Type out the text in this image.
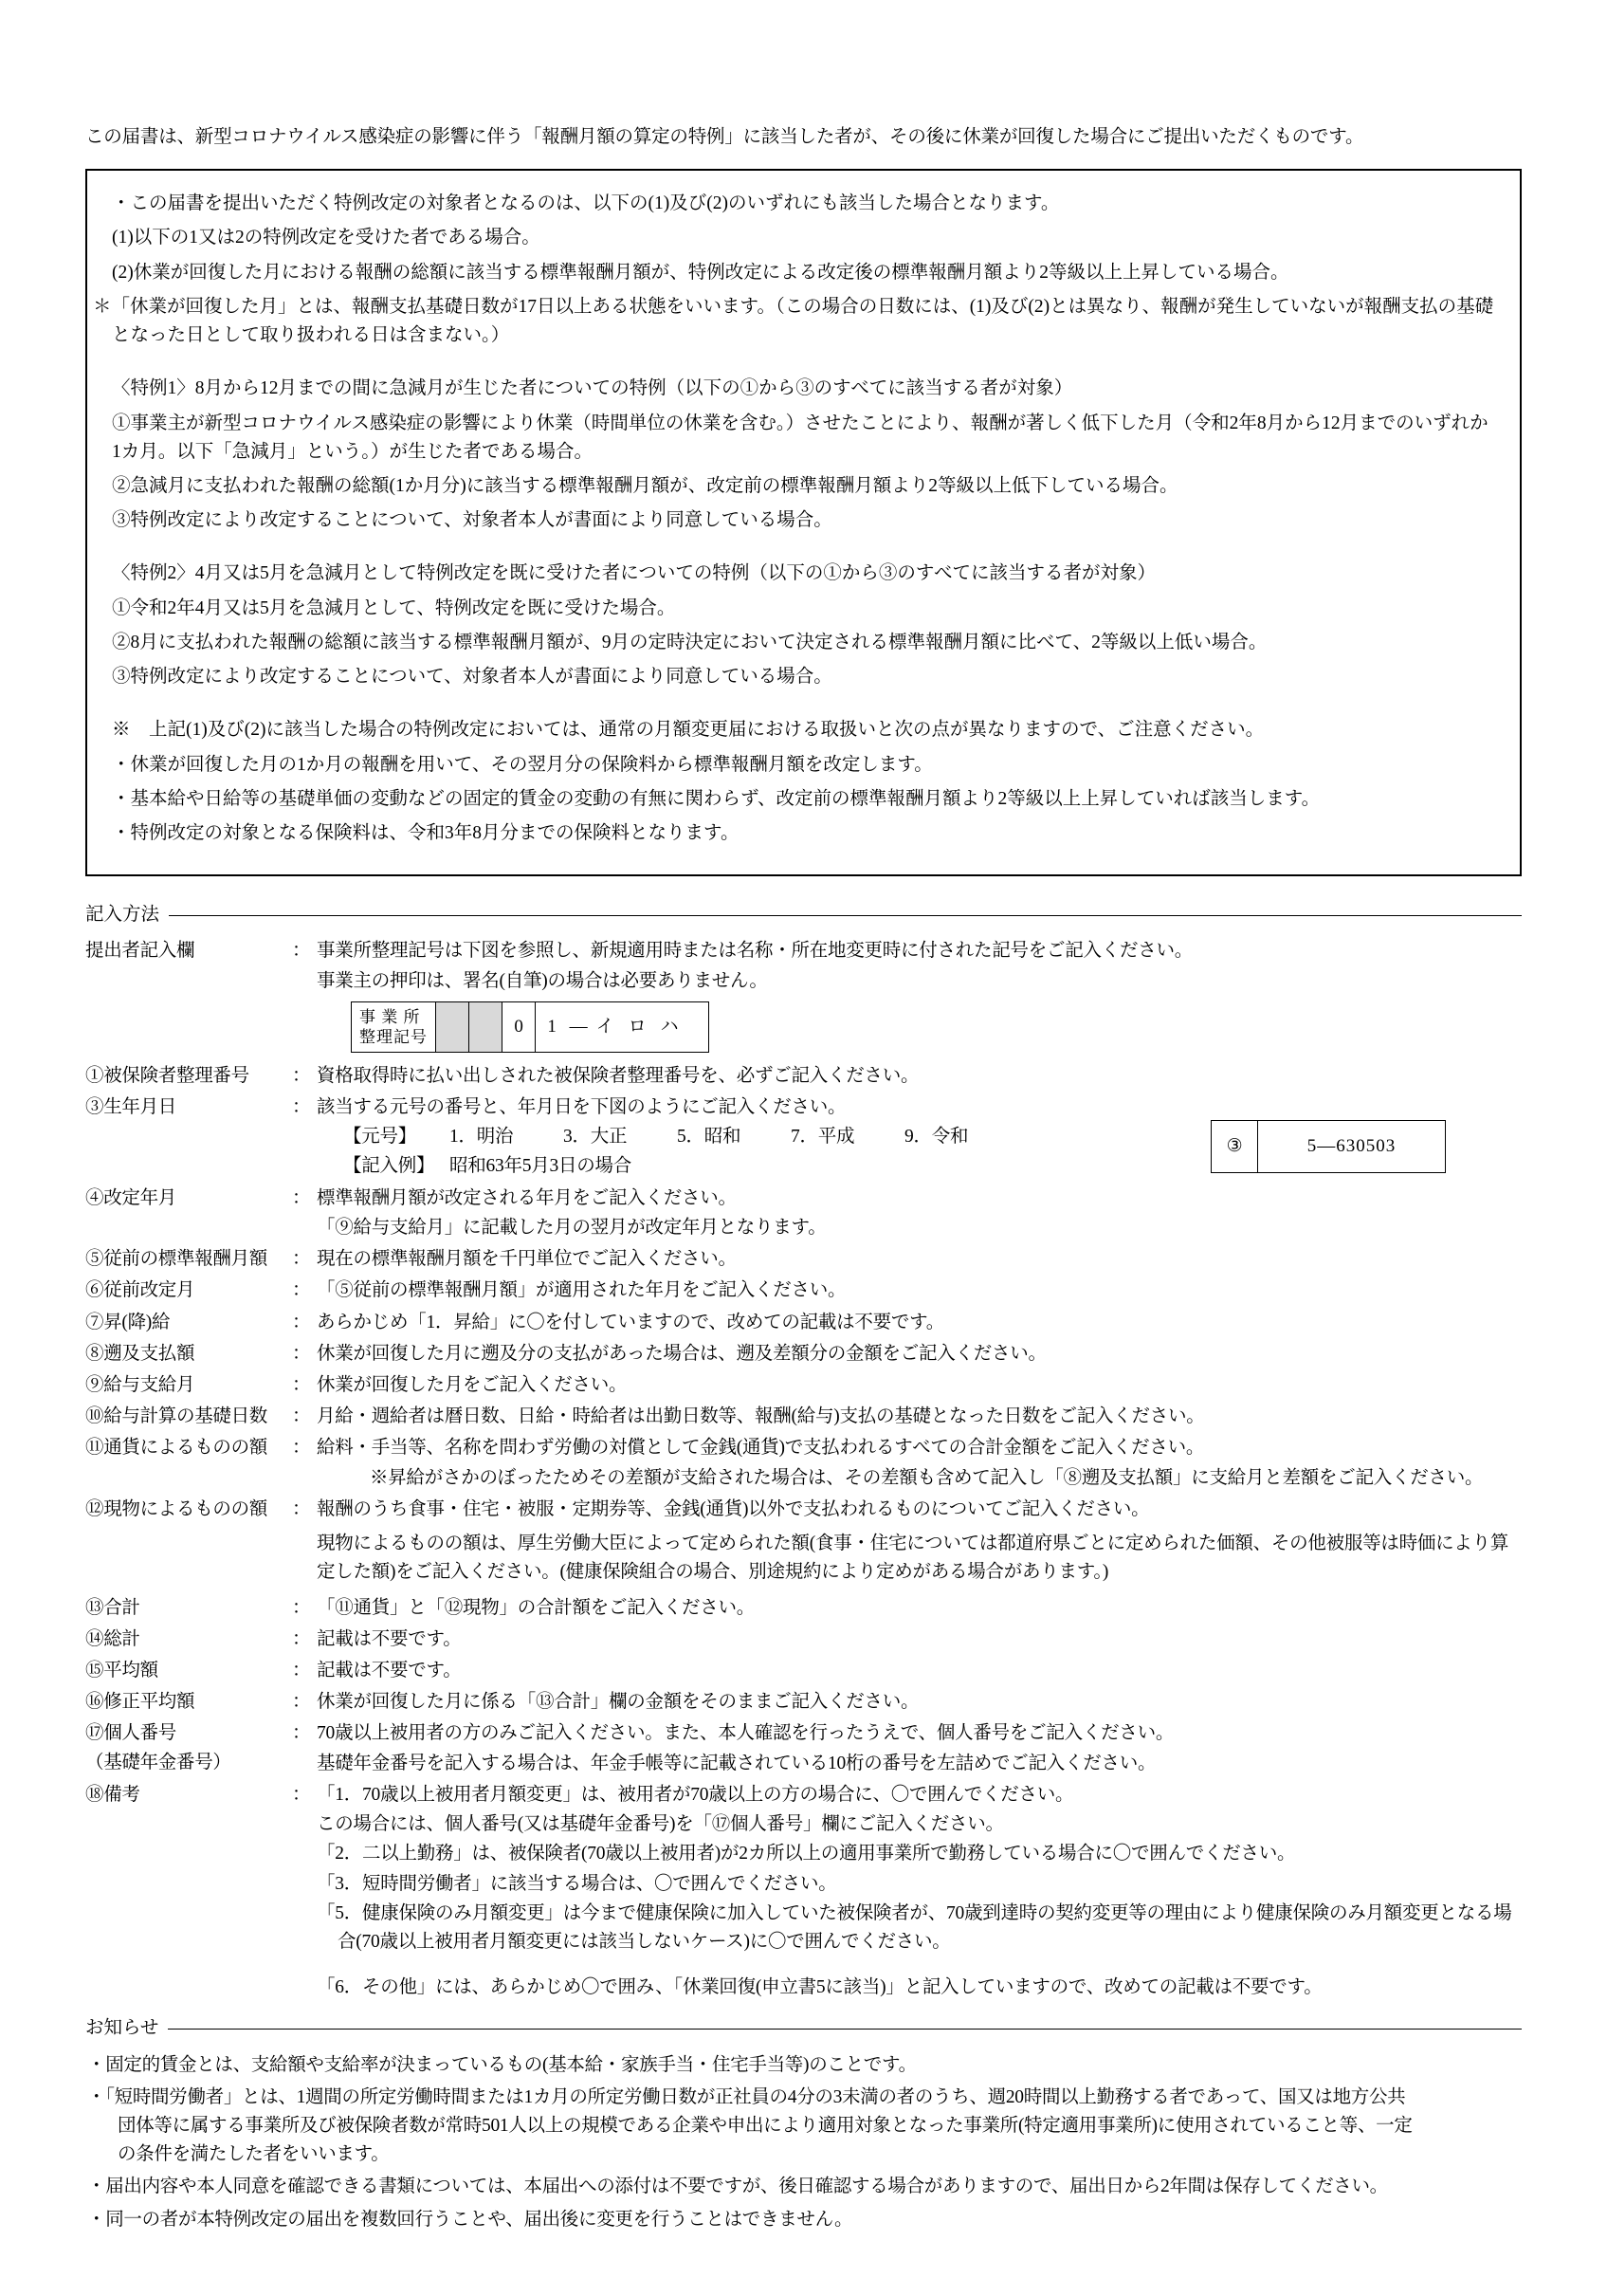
この届書は、新型コロナウイルス感染症の影響に伴う「報酬月額の算定の特例」に該当した者が、その後に休業が回復した場合にご提出いただくものです。

・この届書を提出いただく特例改定の対象者となるのは、以下の(1)及び(2)のいずれにも該当した場合となります。

(1)以下の1又は2の特例改定を受けた者である場合。

(2)休業が回復した月における報酬の総額に該当する標準報酬月額が、特例改定による改定後の標準報酬月額より2等級以上上昇している場合。

＊「休業が回復した月」とは、報酬支払基礎日数が17日以上ある状態をいいます。（この場合の日数には、(1)及び(2)とは異なり、報酬が発生していないが報酬支払の基礎となった日として取り扱われる日は含まない。）

〈特例1〉8月から12月までの間に急減月が生じた者についての特例（以下の①から③のすべてに該当する者が対象）

①事業主が新型コロナウイルス感染症の影響により休業（時間単位の休業を含む。）させたことにより、報酬が著しく低下した月（令和2年8月から12月までのいずれか1カ月。以下「急減月」という。）が生じた者である場合。

②急減月に支払われた報酬の総額(1か月分)に該当する標準報酬月額が、改定前の標準報酬月額より2等級以上低下している場合。

③特例改定により改定することについて、対象者本人が書面により同意している場合。

〈特例2〉4月又は5月を急減月として特例改定を既に受けた者についての特例（以下の①から③のすべてに該当する者が対象）

①令和2年4月又は5月を急減月として、特例改定を既に受けた場合。

②8月に支払われた報酬の総額に該当する標準報酬月額が、9月の定時決定において決定される標準報酬月額に比べて、2等級以上低い場合。

③特例改定により改定することについて、対象者本人が書面により同意している場合。

※　上記(1)及び(2)に該当した場合の特例改定においては、通常の月額変更届における取扱いと次の点が異なりますので、ご注意ください。

・休業が回復した月の1か月の報酬を用いて、その翌月分の保険料から標準報酬月額を改定します。

・基本給や日給等の基礎単価の変動などの固定的賃金の変動の有無に関わらず、改定前の標準報酬月額より2等級以上上昇していれば該当します。

・特例改定の対象となる保険料は、令和3年8月分までの保険料となります。

記入方法
提出者記入欄	： 事業所整理記号は下図を参照し、新規適用時または名称・所在地変更時に付された記号をご記入ください。

事業主の押印は、署名(自筆)の場合は必要ありません。

事 業 所
整理記号
0	1 — イ ロ ハ
①被保険者整理番号	： 資格取得時に払い出しされた被保険者整理番号を、必ずご記入ください。

③生年月日	： 該当する元号の番号と、年月日を下図のようにご記入ください。

【元号】 1．明治	3．大正	5．昭和	7．平成	9．令和

【記入例】 昭和63年5月3日の場合

③	5—630503
④改定年月	： 標準報酬月額が改定される年月をご記入ください。

「⑨給与支給月」に記載した月の翌月が改定年月となります。

⑤従前の標準報酬月額	： 現在の標準報酬月額を千円単位でご記入ください。

⑥従前改定月	： 「⑤従前の標準報酬月額」が適用された年月をご記入ください。

⑦昇(降)給	： あらかじめ「1．昇給」に〇を付していますので、改めての記載は不要です。

⑧遡及支払額	： 休業が回復した月に遡及分の支払があった場合は、遡及差額分の金額をご記入ください。

⑨給与支給月	： 休業が回復した月をご記入ください。

⑩給与計算の基礎日数	： 月給・週給者は暦日数、日給・時給者は出勤日数等、報酬(給与)支払の基礎となった日数をご記入ください。

⑪通貨によるものの額	： 給料・手当等、名称を問わず労働の対償として金銭(通貨)で支払われるすべての合計金額をご記入ください。

※昇給がさかのぼったためその差額が支給された場合は、その差額も含めて記入し「⑧遡及支払額」に支給月と差額をご記入ください。

⑫現物によるものの額	： 報酬のうち食事・住宅・被服・定期券等、金銭(通貨)以外で支払われるものについてご記入ください。

現物によるものの額は、厚生労働大臣によって定められた額(食事・住宅については都道府県ごとに定められた価額、その他被服等は時価により算定した額)をご記入ください。(健康保険組合の場合、別途規約により定めがある場合があります。)

⑬合計	： 「⑪通貨」と「⑫現物」の合計額をご記入ください。

⑭総計	： 記載は不要です。

⑮平均額	： 記載は不要です。

⑯修正平均額	： 休業が回復した月に係る「⑬合計」欄の金額をそのままご記入ください。

⑰個人番号
（基礎年金番号）
： 70歳以上被用者の方のみご記入ください。また、本人確認を行ったうえで、個人番号をご記入ください。

基礎年金番号を記入する場合は、年金手帳等に記載されている10桁の番号を左詰めでご記入ください。

⑱備考	： 「1．70歳以上被用者月額変更」は、被用者が70歳以上の方の場合に、〇で囲んでください。

この場合には、個人番号(又は基礎年金番号)を「⑰個人番号」欄にご記入ください。

「2．二以上勤務」は、被保険者(70歳以上被用者)が2カ所以上の適用事業所で勤務している場合に〇で囲んでください。

「3．短時間労働者」に該当する場合は、〇で囲んでください。

「5．健康保険のみ月額変更」は今まで健康保険に加入していた被保険者が、70歳到達時の契約変更等の理由により健康保険のみ月額変更となる場合(70歳以上被用者月額変更には該当しないケース)に〇で囲んでください。

「6．その他」には、あらかじめ〇で囲み、「休業回復(申立書5に該当)」と記入していますので、改めての記載は不要です。

お知らせ
・固定的賃金とは、支給額や支給率が決まっているもの(基本給・家族手当・住宅手当等)のことです。
・「短時間労働者」とは、1週間の所定労働時間または1カ月の所定労働日数が正社員の4分の3未満の者のうち、週20時間以上勤務する者であって、国又は地方公共
団体等に属する事業所及び被保険者数が常時501人以上の規模である企業や申出により適用対象となった事業所(特定適用事業所)に使用されていること等、一定
の条件を満たした者をいいます。
・届出内容や本人同意を確認できる書類については、本届出への添付は不要ですが、後日確認する場合がありますので、届出日から2年間は保存してください。
・同一の者が本特例改定の届出を複数回行うことや、届出後に変更を行うことはできません。
